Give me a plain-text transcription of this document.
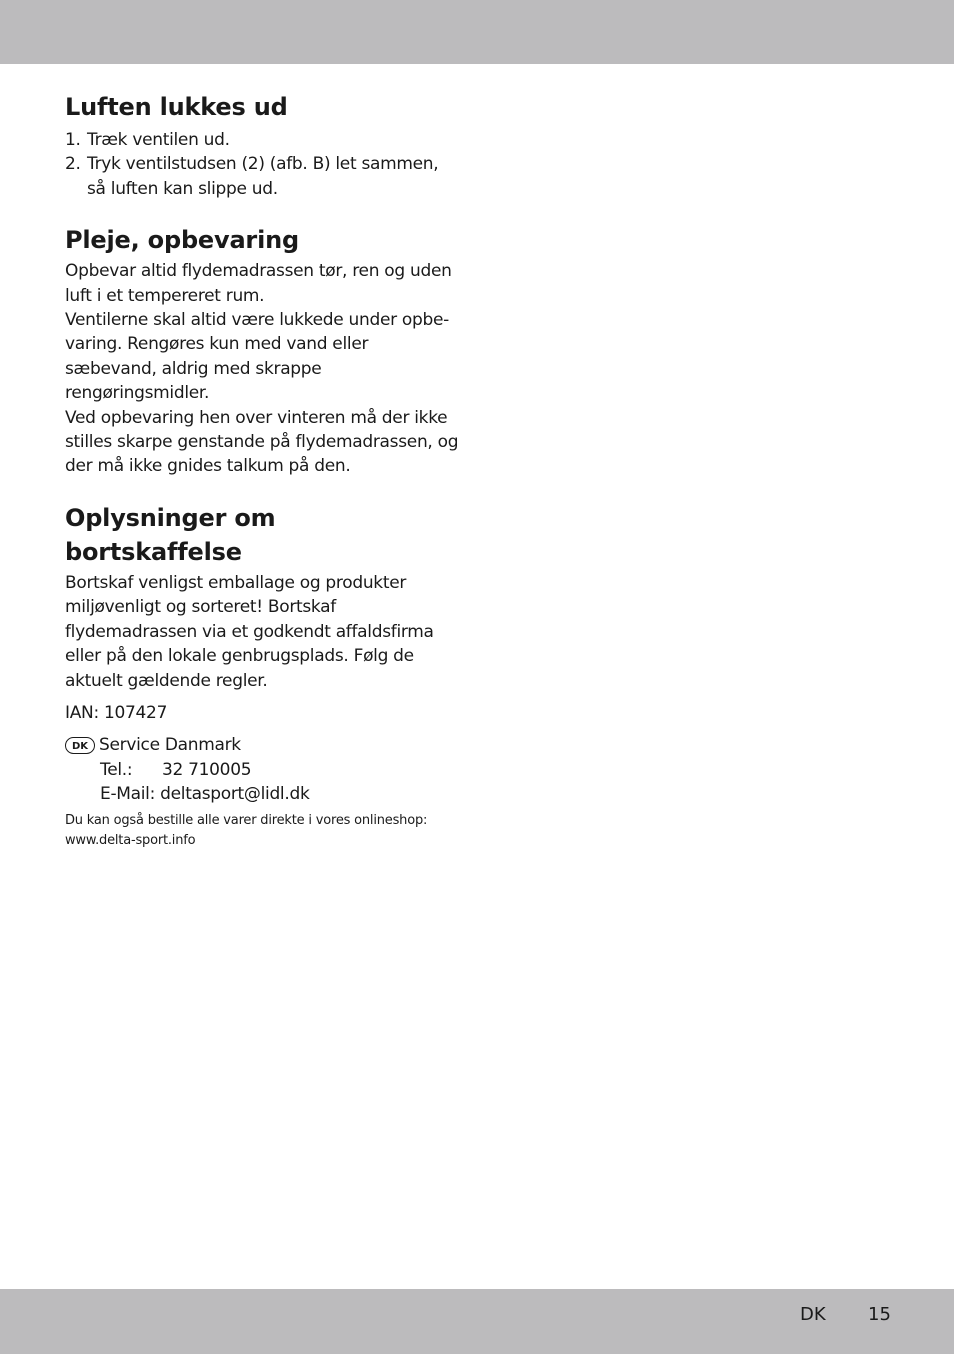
Luften lukkes ud
1. Træk ventilen ud.
2. Tryk ventilstudsen (2) (afb. B) let sammen, så luften kan slippe ud.
Pleje, opbevaring

Opbevar altid flydemadrassen tør, ren og uden luft i et tempereret rum.

Ventilerne skal altid være lukkede under opbe-varing. Rengøres kun med vand eller sæbevand, aldrig med skrappe rengøringsmidler.

Ved opbevaring hen over vinteren må der ikke stilles skarpe genstande på flydemadrassen, og der må ikke gnides talkum på den.

Oplysninger om bortskaffelse

Bortskaf venligst emballage og produkter miljøvenligt og sorteret! Bortskaf flydemadrassen via et godkendt affaldsfirma eller på den lokale genbrugsplads. Følg de aktuelt gældende regler.

IAN: 107427

DK Service Danmark
Tel.: 32 710005
E-Mail: deltasport@lidl.dk
Du kan også bestille alle varer direkte i vores onlineshop:
www.delta-sport.info
DK 15
